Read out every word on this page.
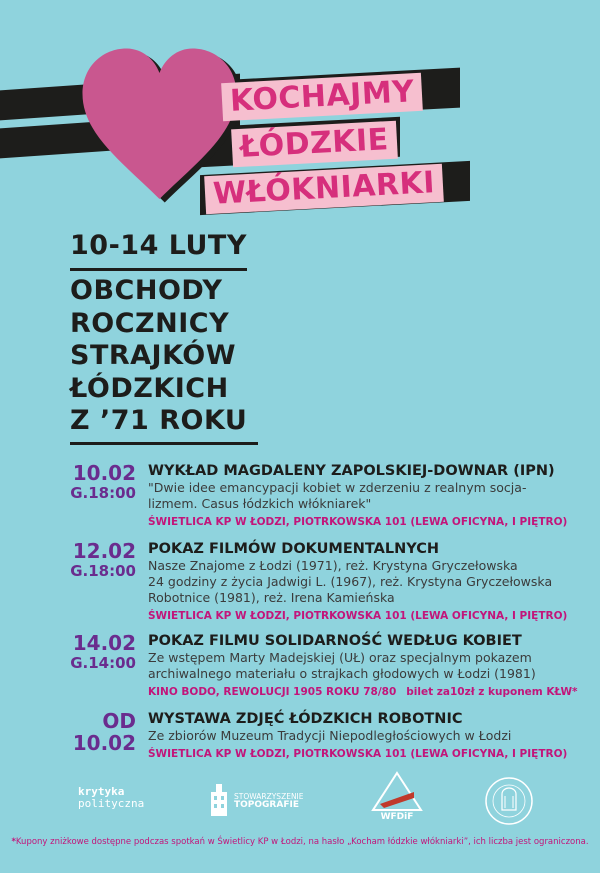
KOCHAJMY
ŁÓDZKIE
WŁÓKNIARKI
10-14 LUTY
OBCHODY
ROCZNICY
STRAJKÓW
ŁÓDZKICH
Z ’71 ROKU
10.02
G.18:00
WYKŁAD MAGDALENY ZAPOLSKIEJ-DOWNAR (IPN)
"Dwie idee emancypacji kobiet w zderzeniu z realnym socja-
lizmem. Casus łódzkich włókniarek"
ŚWIETLICA KP W ŁODZI, PIOTRKOWSKA 101 (LEWA OFICYNA, I PIĘTRO)
12.02
G.18:00
POKAZ FILMÓW DOKUMENTALNYCH
Nasze Znajome z Łodzi (1971), reż. Krystyna Gryczełowska
24 godziny z życia Jadwigi L. (1967), reż. Krystyna Gryczełowska
Robotnice (1981), reż. Irena Kamieńska
ŚWIETLICA KP W ŁODZI, PIOTRKOWSKA 101 (LEWA OFICYNA, I PIĘTRO)
14.02
G.14:00
POKAZ FILMU SOLIDARNOŚĆ WEDŁUG KOBIET
Ze wstępem Marty Madejskiej (UŁ) oraz specjalnym pokazem
archiwalnego materiału o strajkach głodowych w Łodzi (1981)
KINO BODO, REWOLUCJI 1905 ROKU 78/80 bilet za10zł z kuponem KŁW*
OD
10.02
WYSTAWA ZDJĘĆ ŁÓDZKICH ROBOTNIC
Ze zbiorów Muzeum Tradycji Niepodległościowych w Łodzi
ŚWIETLICA KP W ŁODZI, PIOTRKOWSKA 101 (LEWA OFICYNA, I PIĘTRO)
krytyka
polityczna
STOWARZYSZENIE
TOPOGRAFIE
WFDiF
*Kupony zniżkowe dostępne podczas spotkań w Świetlicy KP w Łodzi, na hasło „Kocham łódzkie włókniarki”, ich liczba jest ograniczona.
